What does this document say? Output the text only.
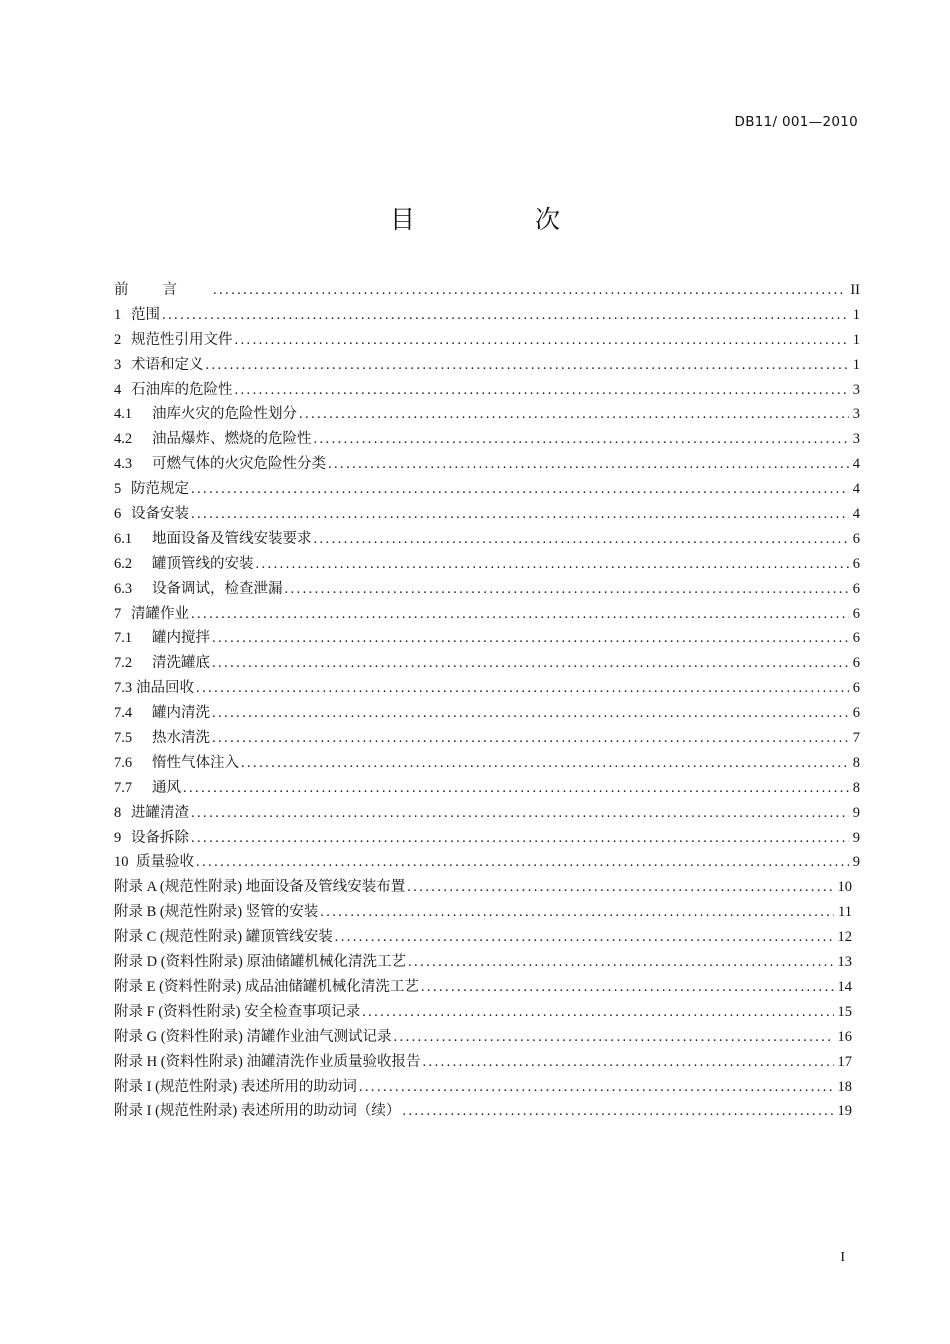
DB11/ 001—2010
目 次
前言 .....	II
1 范围 .....	1
2 规范性引用文件 .....	1
3 术语和定义 .....	1
4 石油库的危险性 .....	3
4.1	油库火灾的危险性划分 .....	3
4.2	油品爆炸、燃烧的危险性 .....	3
4.3	可燃气体的火灾危险性分类 .....	4
5 防范规定 .....	4
6 设备安装 .....	4
6.1	地面设备及管线安装要求 .....	6
6.2	罐顶管线的安装 .....	6
6.3	设备调试，检查泄漏 .....	6
7 清罐作业 .....	6
7.1	罐内搅拌 .....	6
7.2	清洗罐底 .....	6
7.3 油品回收 .....	6
7.4	罐内清洗 .....	6
7.5	热水清洗 .....	7
7.6	惰性气体注入 .....	8
7.7	通风 .....	8
8 进罐清渣 .....	9
9 设备拆除 .....	9
10 质量验收 .....	9
附录 A (规范性附录) 地面设备及管线安装布置 .....	10
附录 B (规范性附录) 竖管的安装 .....	11
附录 C (规范性附录) 罐顶管线安装 .....	12
附录 D (资料性附录) 原油储罐机械化清洗工艺 .....	13
附录 E (资料性附录) 成品油储罐机械化清洗工艺 .....	14
附录 F (资料性附录) 安全检查事项记录 .....	15
附录 G (资料性附录) 清罐作业油气测试记录 .....	16
附录 H (资料性附录) 油罐清洗作业质量验收报告 .....	17
附录 I (规范性附录) 表述所用的助动词 .....	18
附录 I (规范性附录) 表述所用的助动词（续） .....	19
I
